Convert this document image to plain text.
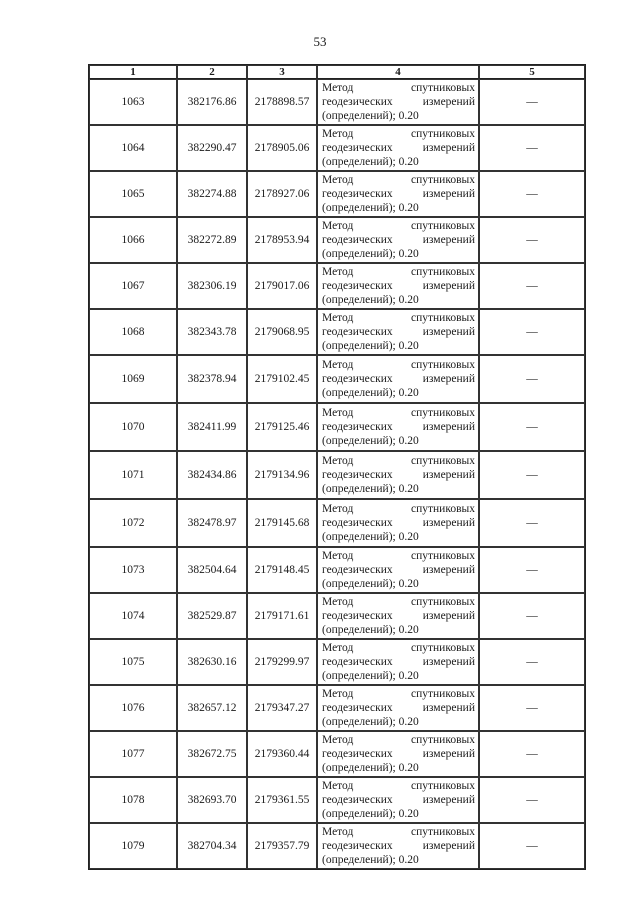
53
1	2	3	4	5
1063	382176.86	2178898.57	Метод спутниковых
геодезических измерений
(определений); 0.20	—
1064	382290.47	2178905.06	Метод спутниковых
геодезических измерений
(определений); 0.20	—
1065	382274.88	2178927.06	Метод спутниковых
геодезических измерений
(определений); 0.20	—
1066	382272.89	2178953.94	Метод спутниковых
геодезических измерений
(определений); 0.20	—
1067	382306.19	2179017.06	Метод спутниковых
геодезических измерений
(определений); 0.20	—
1068	382343.78	2179068.95	Метод спутниковых
геодезических измерений
(определений); 0.20	—
1069	382378.94	2179102.45	Метод спутниковых
геодезических измерений
(определений); 0.20	—
1070	382411.99	2179125.46	Метод спутниковых
геодезических измерений
(определений); 0.20	—
1071	382434.86	2179134.96	Метод спутниковых
геодезических измерений
(определений); 0.20	—
1072	382478.97	2179145.68	Метод спутниковых
геодезических измерений
(определений); 0.20	—
1073	382504.64	2179148.45	Метод спутниковых
геодезических измерений
(определений); 0.20	—
1074	382529.87	2179171.61	Метод спутниковых
геодезических измерений
(определений); 0.20	—
1075	382630.16	2179299.97	Метод спутниковых
геодезических измерений
(определений); 0.20	—
1076	382657.12	2179347.27	Метод спутниковых
геодезических измерений
(определений); 0.20	—
1077	382672.75	2179360.44	Метод спутниковых
геодезических измерений
(определений); 0.20	—
1078	382693.70	2179361.55	Метод спутниковых
геодезических измерений
(определений); 0.20	—
1079	382704.34	2179357.79	Метод спутниковых
геодезических измерений
(определений); 0.20	—
